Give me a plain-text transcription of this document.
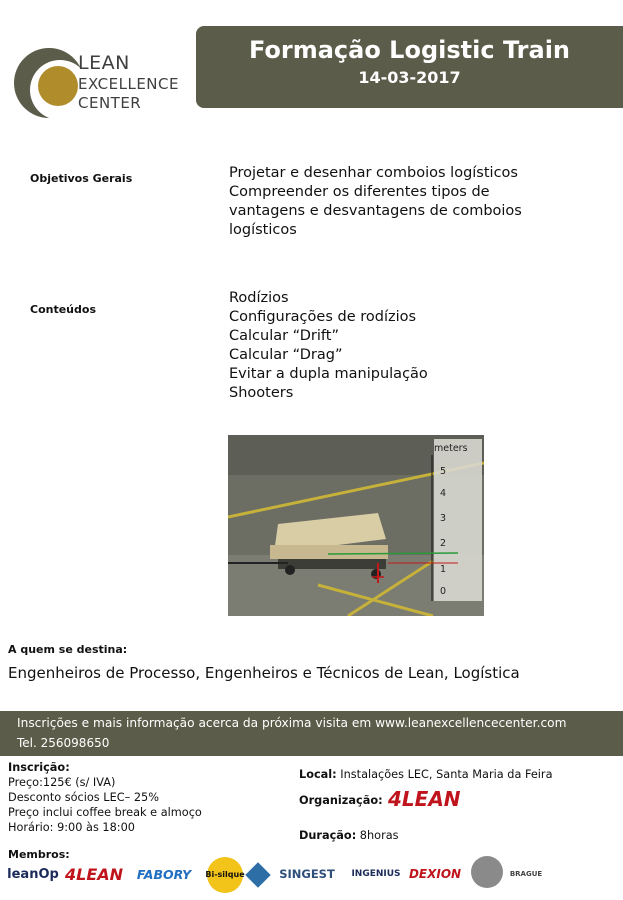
LEAN
EXCELLENCE
CENTER
Formação Logistic Train
14-03-2017
Objetivos Gerais	Projetar e desenhar comboios logísticos
Compreender os diferentes tipos de
vantagens e desvantagens de comboios
logísticos
Conteúdos
Rodízios
Configurações de rodízios
Calcular “Drift”
Calcular “Drag”
Evitar a dupla manipulação
Shooters
meters
5
4
3
2
1
0
A quem se destina:
Engenheiros de Processo, Engenheiros e Técnicos de Lean, Logística
Inscrições e mais informação acerca da próxima visita em www.leanexcellencecenter.com
Tel. 256098650
Inscrição:
Preço:125€ (s/ IVA)
Desconto sócios LEC– 25%
Preço inclui coffee break e almoço
Horário: 9:00 às 18:00
Local: Instalações LEC, Santa Maria da Feira
Organização: 4LEAN
Duração: 8horas
Membros:
leanOp 4LEAN	FABORY	Bi-silque	SINGEST	INGENIUS DEXION	BRAGUE
